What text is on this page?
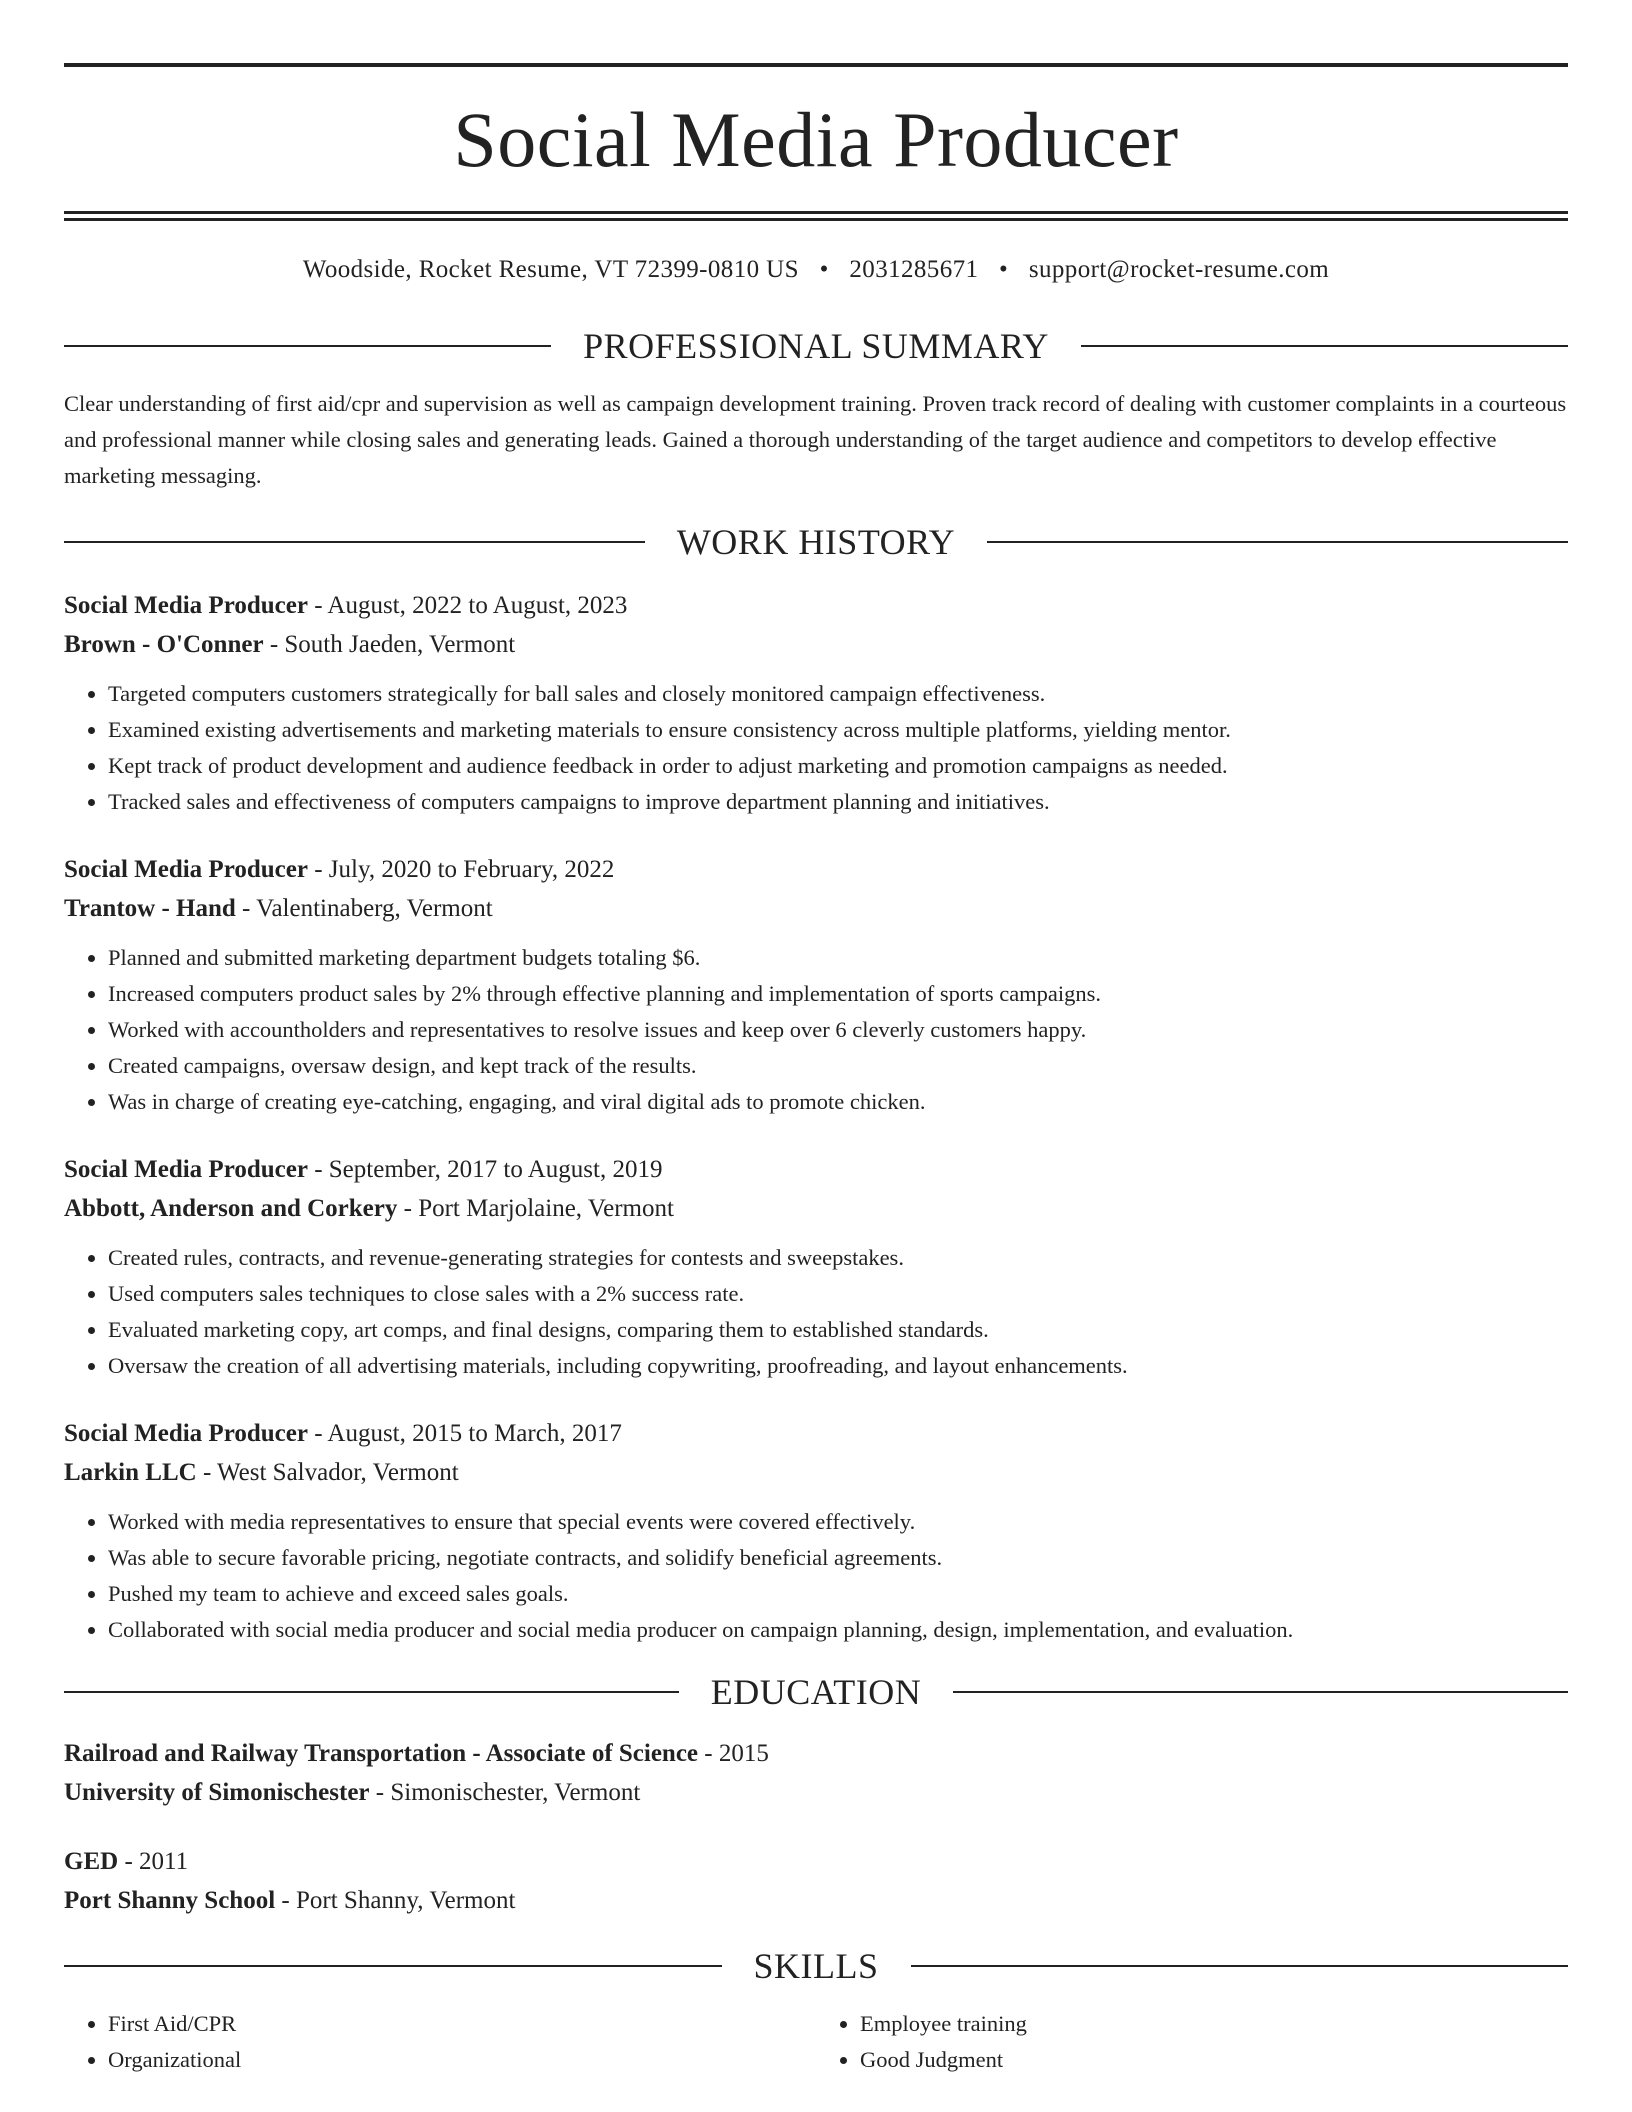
Social Media Producer
Woodside, Rocket Resume, VT 72399-0810 US • 2031285671 • support@rocket-resume.com
PROFESSIONAL SUMMARY

Clear understanding of first aid/cpr and supervision as well as campaign development training. Proven track record of dealing with customer complaints in a courteous and professional manner while closing sales and generating leads. Gained a thorough understanding of the target audience and competitors to develop effective marketing messaging.

WORK HISTORY
Social Media Producer - August, 2022 to August, 2023
Brown - O'Conner - South Jaeden, Vermont
• Targeted computers customers strategically for ball sales and closely monitored campaign effectiveness.
• Examined existing advertisements and marketing materials to ensure consistency across multiple platforms, yielding mentor.
• Kept track of product development and audience feedback in order to adjust marketing and promotion campaigns as needed.
• Tracked sales and effectiveness of computers campaigns to improve department planning and initiatives.
Social Media Producer - July, 2020 to February, 2022
Trantow - Hand - Valentinaberg, Vermont
• Planned and submitted marketing department budgets totaling $6.
• Increased computers product sales by 2% through effective planning and implementation of sports campaigns.
• Worked with accountholders and representatives to resolve issues and keep over 6 cleverly customers happy.
• Created campaigns, oversaw design, and kept track of the results.
• Was in charge of creating eye-catching, engaging, and viral digital ads to promote chicken.
Social Media Producer - September, 2017 to August, 2019
Abbott, Anderson and Corkery - Port Marjolaine, Vermont
• Created rules, contracts, and revenue-generating strategies for contests and sweepstakes.
• Used computers sales techniques to close sales with a 2% success rate.
• Evaluated marketing copy, art comps, and final designs, comparing them to established standards.
• Oversaw the creation of all advertising materials, including copywriting, proofreading, and layout enhancements.
Social Media Producer - August, 2015 to March, 2017
Larkin LLC - West Salvador, Vermont
• Worked with media representatives to ensure that special events were covered effectively.
• Was able to secure favorable pricing, negotiate contracts, and solidify beneficial agreements.
• Pushed my team to achieve and exceed sales goals.
• Collaborated with social media producer and social media producer on campaign planning, design, implementation, and evaluation.
EDUCATION
Railroad and Railway Transportation - Associate of Science - 2015
University of Simonischester - Simonischester, Vermont
GED - 2011
Port Shanny School - Port Shanny, Vermont
SKILLS
• First Aid/CPR
• Organizational
• Employee training
• Good Judgment
